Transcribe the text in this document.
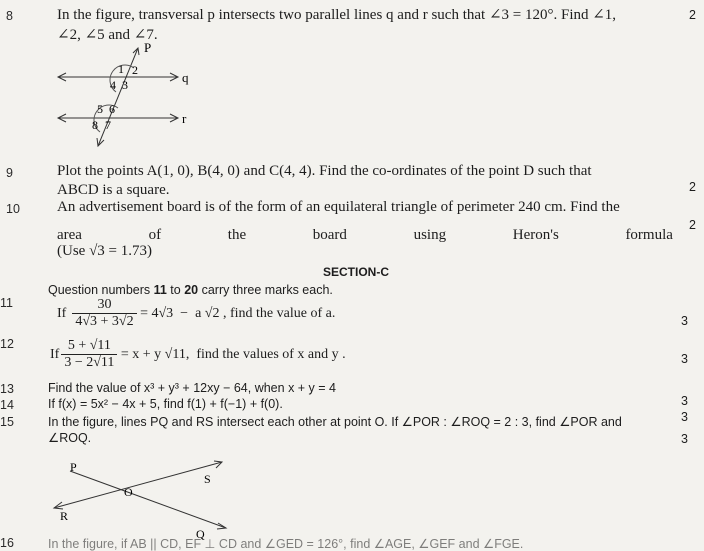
8	In the figure, transversal p intersects two parallel lines q and r such that ∠3 = 120°. Find ∠1,	2
∠2, ∠5 and ∠7.
P
q
r
1 2
4 3
5 6
8 7
9	Plot the points A(1, 0), B(4, 0) and C(4, 4). Find the co-ordinates of the point D such that
2
ABCD is a square.
10 An advertisement board is of the form of an equilateral triangle of perimeter 240 cm. Find the
2
area	of	the	board	using	Heron's	formula
(Use √3 = 1.73)
SECTION-C
Question numbers 11 to 20 carry three marks each.
11
If $\frac{30}{4√3 + 3√2} = 4√3 - a$ √2 , find the value of a.
3
12
If $\frac{5 + √11}{3 - 2√11} = x + y$ √11,  find the values of x and y .	3
13	Find the value of x³ + y³ + 12xy − 64, when x + y = 4
14	If f(x) = 5x² − 4x + 5, find f(1) + f(−1) + f(0).	3
3
15	In the figure, lines PQ and RS intersect each other at point O. If ∠POR : ∠ROQ = 2 : 3, find ∠POR and
3
∠ROQ.
P
S
O
R
Q
16	In the figure, if AB || CD, EF ⊥ CD and ∠GED = 126°, find ∠AGE, ∠GEF and ∠FGE.
